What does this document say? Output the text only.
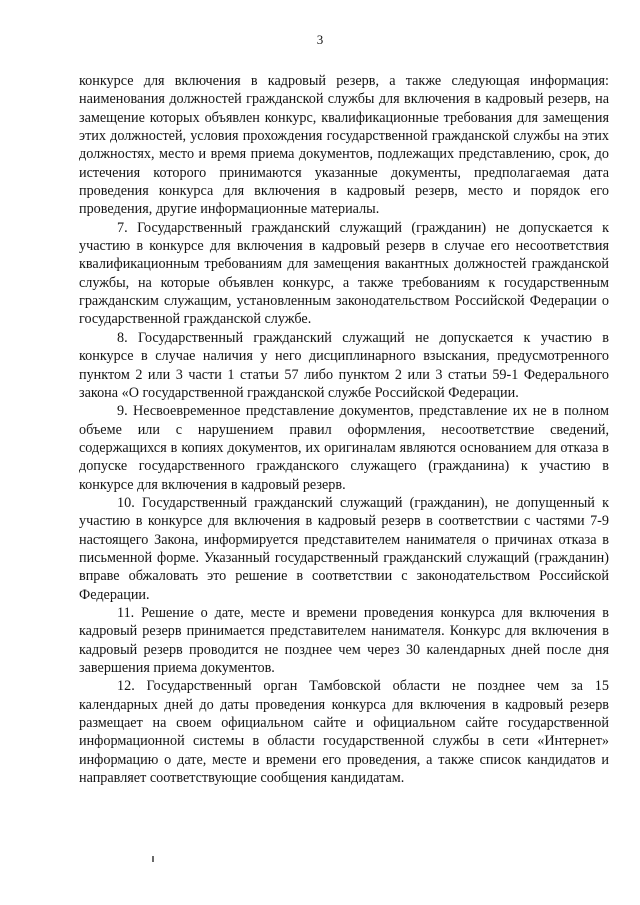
3

конкурсе для включения в кадровый резерв, а также следующая информация: наименования должностей гражданской службы для включения в кадровый резерв, на замещение которых объявлен конкурс, квалификационные требования для замещения этих должностей, условия прохождения государственной гражданской службы на этих должностях, место и время приема документов, подлежащих представлению, срок, до истечения которого принимаются указанные документы, предполагаемая дата проведения конкурса для включения в кадровый резерв, место и порядок его проведения, другие информационные материалы.

7. Государственный гражданский служащий (гражданин) не допускается к участию в конкурсе для включения в кадровый резерв в случае его несоответствия квалификационным требованиям для замещения вакантных должностей гражданской службы, на которые объявлен конкурс, а также требованиям к государственным гражданским служащим, установленным законодательством Российской Федерации о государственной гражданской службе.

8. Государственный гражданский служащий не допускается к участию в конкурсе в случае наличия у него дисциплинарного взыскания, предусмотренного пунктом 2 или 3 части 1 статьи 57 либо пунктом 2 или 3 статьи 59-1 Федерального закона «О государственной гражданской службе Российской Федерации.

9. Несвоевременное представление документов, представление их не в полном объеме или с нарушением правил оформления, несоответствие сведений, содержащихся в копиях документов, их оригиналам являются основанием для отказа в допуске государственного гражданского служащего (гражданина) к участию в конкурсе для включения в кадровый резерв.

10. Государственный гражданский служащий (гражданин), не допущенный к участию в конкурсе для включения в кадровый резерв в соответствии с частями 7-9 настоящего Закона, информируется представителем нанимателя о причинах отказа в письменной форме. Указанный государственный гражданский служащий (гражданин) вправе обжаловать это решение в соответствии с законодательством Российской Федерации.

11. Решение о дате, месте и времени проведения конкурса для включения в кадровый резерв принимается представителем нанимателя. Конкурс для включения в кадровый резерв проводится не позднее чем через 30 календарных дней после дня завершения приема документов.

12. Государственный орган Тамбовской области не позднее чем за 15 календарных дней до даты проведения конкурса для включения в кадровый резерв размещает на своем официальном сайте и официальном сайте государственной информационной системы в области государственной службы в сети «Интернет» информацию о дате, месте и времени его проведения, а также список кандидатов и направляет соответствующие сообщения кандидатам.
